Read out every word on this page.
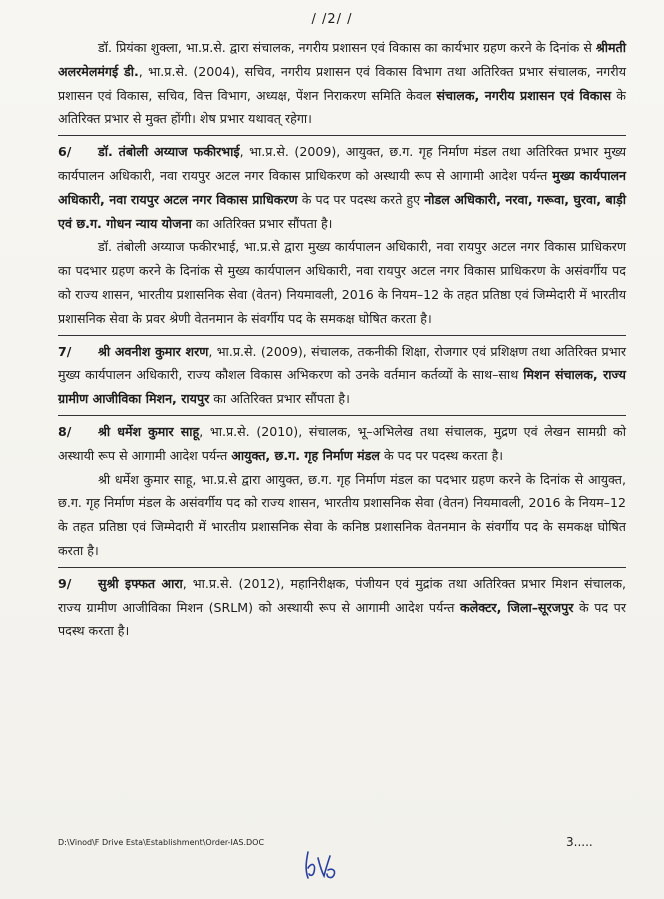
/ /2/ /

डॉ. प्रियंका शुक्ला, भा.प्र.से. द्वारा संचालक, नगरीय प्रशासन एवं विकास का कार्यभार ग्रहण करने के दिनांक से श्रीमती अलरमेलमंगई डी., भा.प्र.से. (2004), सचिव, नगरीय प्रशासन एवं विकास विभाग तथा अतिरिक्त प्रभार संचालक, नगरीय प्रशासन एवं विकास, सचिव, वित्त विभाग, अध्यक्ष, पेंशन निराकरण समिति केवल संचालक, नगरीय प्रशासन एवं विकास के अतिरिक्त प्रभार से मुक्त होंगी। शेष प्रभार यथावत् रहेगा।

6/ डॉ. तंबोली अय्याज फकीरभाई, भा.प्र.से. (2009), आयुक्त, छ.ग. गृह निर्माण मंडल तथा अतिरिक्त प्रभार मुख्य कार्यपालन अधिकारी, नवा रायपुर अटल नगर विकास प्राधिकरण को अस्थायी रूप से आगामी आदेश पर्यन्त मुख्य कार्यपालन अधिकारी, नवा रायपुर अटल नगर विकास प्राधिकरण के पद पर पदस्थ करते हुए नोडल अधिकारी, नरवा, गरूवा, घुरवा, बाड़ी एवं छ.ग. गोधन न्याय योजना का अतिरिक्त प्रभार सौंपता है।

डॉ. तंबोली अय्याज फकीरभाई, भा.प्र.से द्वारा मुख्य कार्यपालन अधिकारी, नवा रायपुर अटल नगर विकास प्राधिकरण का पदभार ग्रहण करने के दिनांक से मुख्य कार्यपालन अधिकारी, नवा रायपुर अटल नगर विकास प्राधिकरण के असंवर्गीय पद को राज्य शासन, भारतीय प्रशासनिक सेवा (वेतन) नियमावली, 2016 के नियम–12 के तहत प्रतिष्ठा एवं जिम्मेदारी में भारतीय प्रशासनिक सेवा के प्रवर श्रेणी वेतनमान के संवर्गीय पद के समकक्ष घोषित करता है।

7/ श्री अवनीश कुमार शरण, भा.प्र.से. (2009), संचालक, तकनीकी शिक्षा, रोजगार एवं प्रशिक्षण तथा अतिरिक्त प्रभार मुख्य कार्यपालन अधिकारी, राज्य कौशल विकास अभिकरण को उनके वर्तमान कर्तव्यों के साथ–साथ मिशन संचालक, राज्य ग्रामीण आजीविका मिशन, रायपुर का अतिरिक्त प्रभार सौंपता है।

8/ श्री धर्मेश कुमार साहू, भा.प्र.से. (2010), संचालक, भू–अभिलेख तथा संचालक, मुद्रण एवं लेखन सामग्री को अस्थायी रूप से आगामी आदेश पर्यन्त आयुक्त, छ.ग. गृह निर्माण मंडल के पद पर पदस्थ करता है।

श्री धर्मेश कुमार साहू, भा.प्र.से द्वारा आयुक्त, छ.ग. गृह निर्माण मंडल का पदभार ग्रहण करने के दिनांक से आयुक्त, छ.ग. गृह निर्माण मंडल के असंवर्गीय पद को राज्य शासन, भारतीय प्रशासनिक सेवा (वेतन) नियमावली, 2016 के नियम–12 के तहत प्रतिष्ठा एवं जिम्मेदारी में भारतीय प्रशासनिक सेवा के कनिष्ठ प्रशासनिक वेतनमान के संवर्गीय पद के समकक्ष घोषित करता है।

9/ सुश्री इफ्फत आरा, भा.प्र.से. (2012), महानिरीक्षक, पंजीयन एवं मुद्रांक तथा अतिरिक्त प्रभार मिशन संचालक, राज्य ग्रामीण आजीविका मिशन (SRLM) को अस्थायी रूप से आगामी आदेश पर्यन्त कलेक्टर, जिला–सूरजपुर के पद पर पदस्थ करता है।

D:\Vinod\F Drive Esta\Establishment\Order-IAS.DOC	3.....
